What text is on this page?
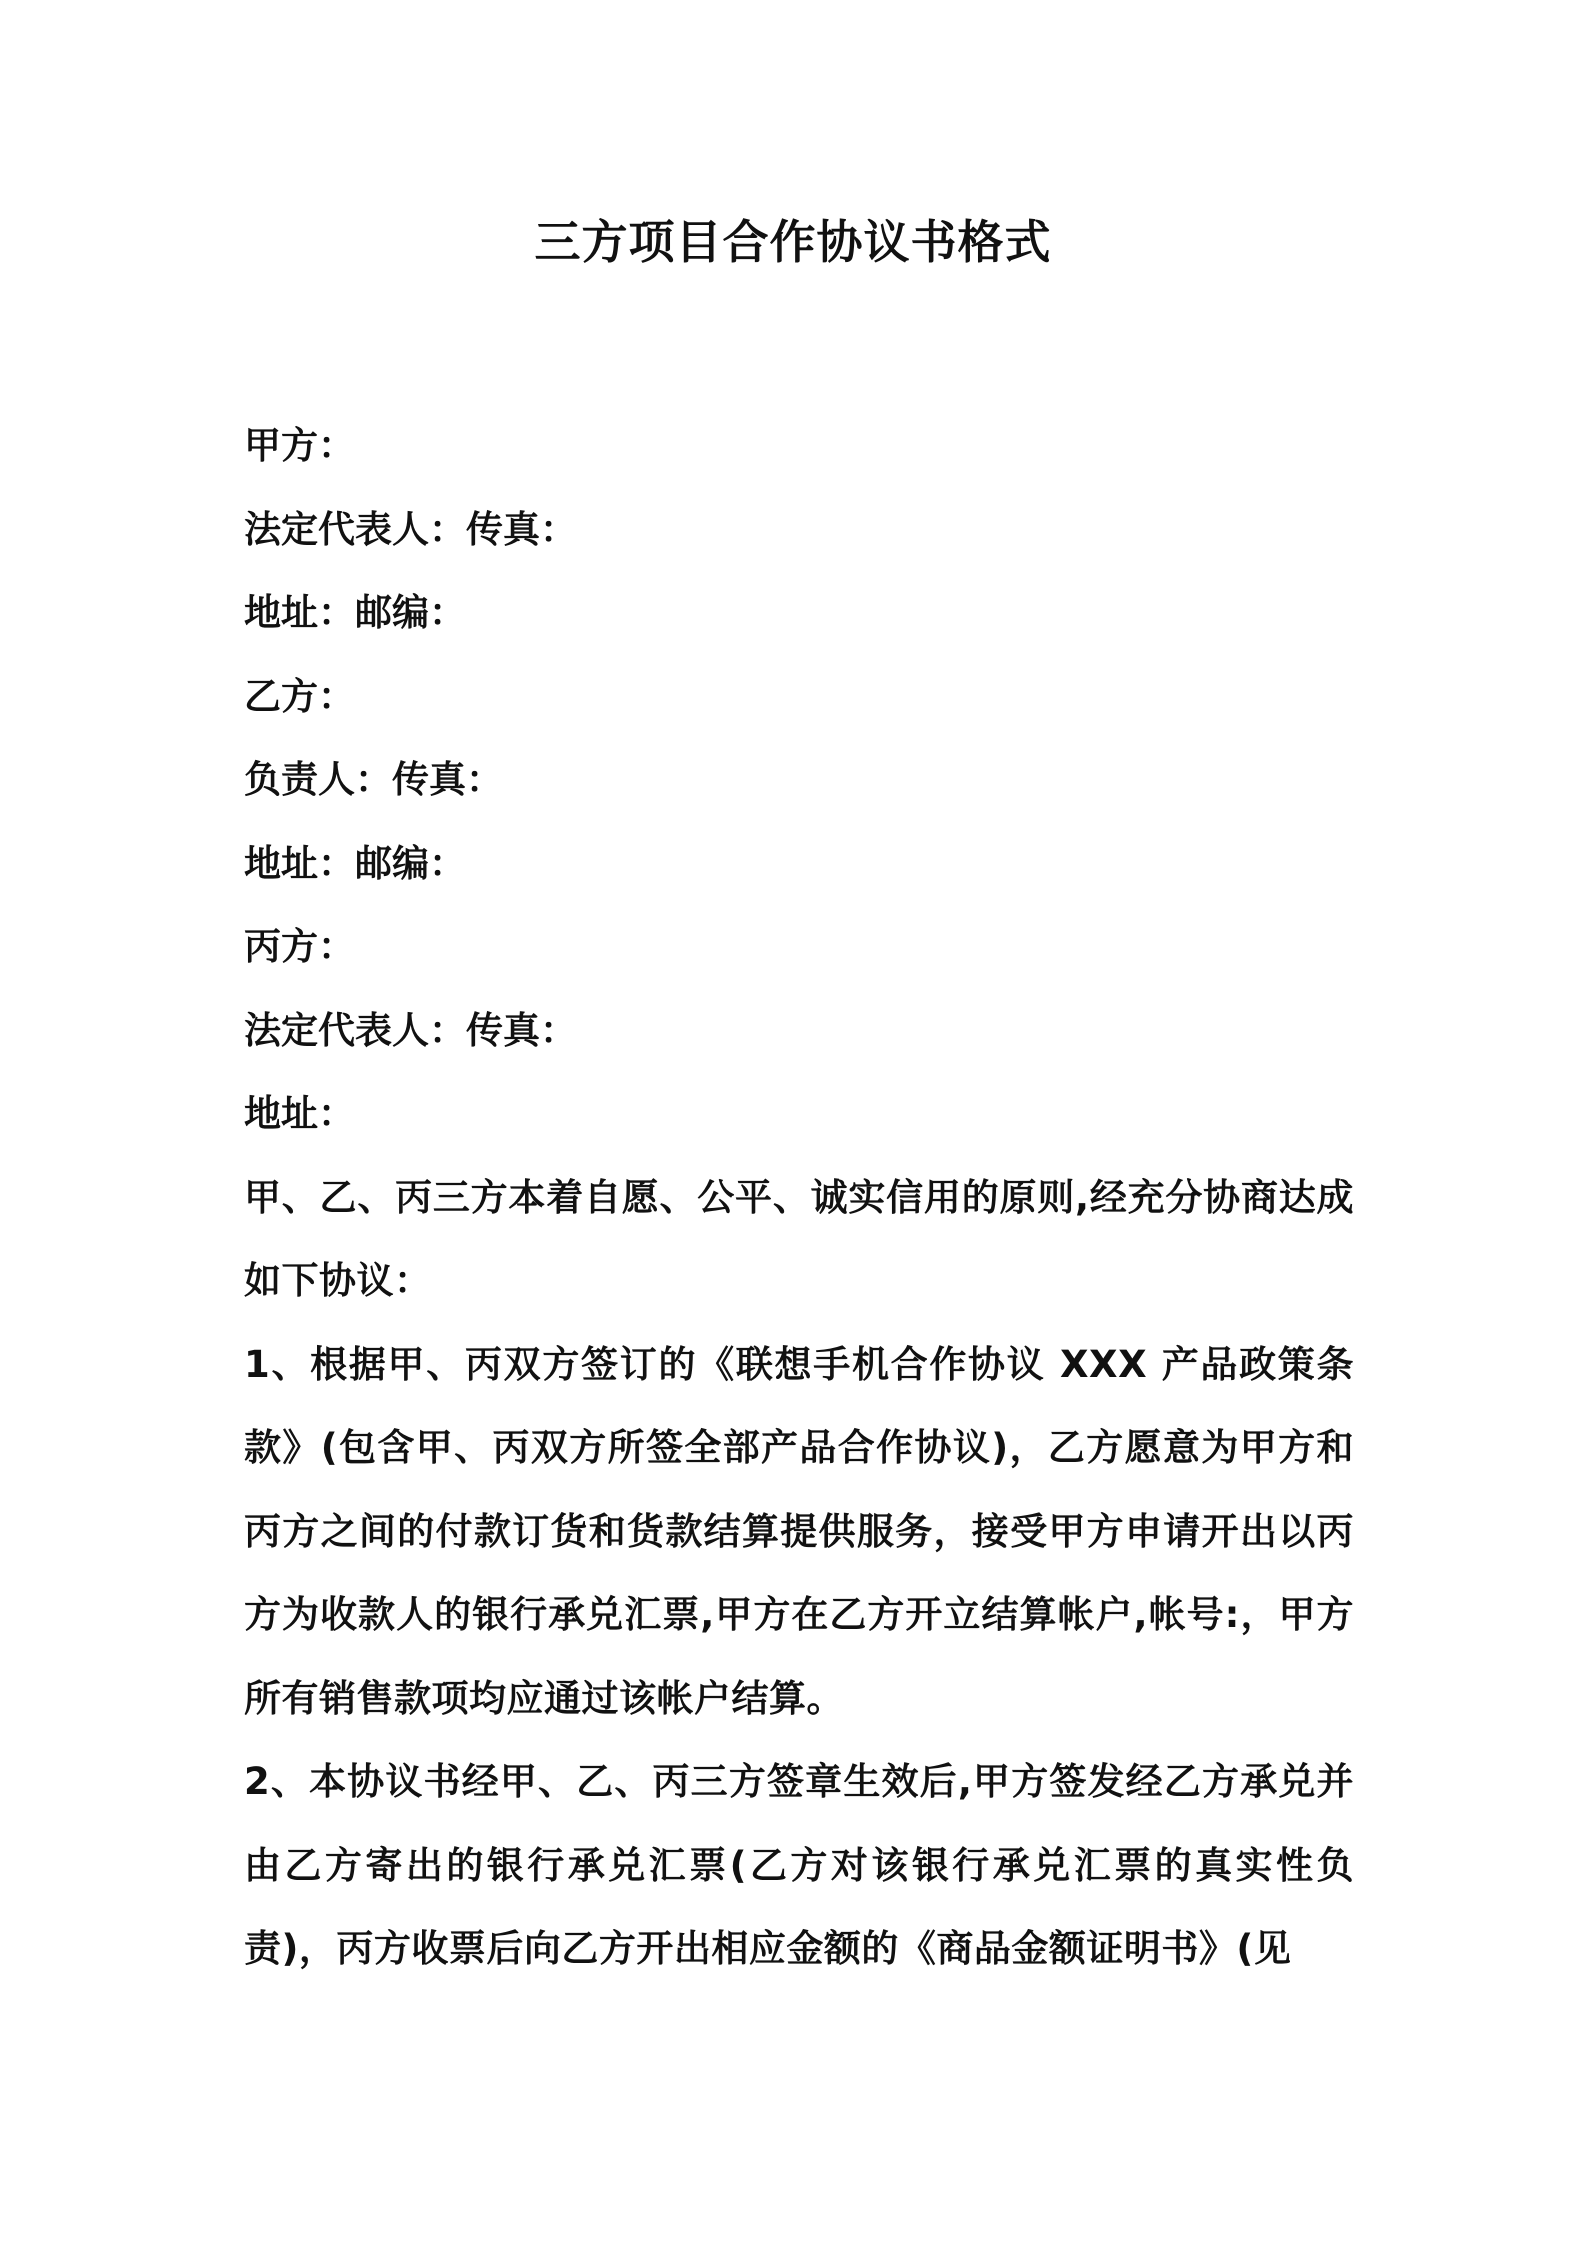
三方项目合作协议书格式

甲方：

法定代表人：传真：

地址：邮编：

乙方：

负责人：传真：

地址：邮编：

丙方：

法定代表人：传真：

地址：

甲、乙、丙三方本着自愿、公平、诚实信用的原则,经充分协商达成如下协议：

1、根据甲、丙双方签订的《联想手机合作协议 XXX 产品政策条款》(包含甲、丙双方所签全部产品合作协议)，乙方愿意为甲方和丙方之间的付款订货和货款结算提供服务，接受甲方申请开出以丙方为收款人的银行承兑汇票,甲方在乙方开立结算帐户,帐号:，甲方所有销售款项均应通过该帐户结算。

2、本协议书经甲、乙、丙三方签章生效后,甲方签发经乙方承兑并由乙方寄出的银行承兑汇票(乙方对该银行承兑汇票的真实性负责)，丙方收票后向乙方开出相应金额的《商品金额证明书》(见
